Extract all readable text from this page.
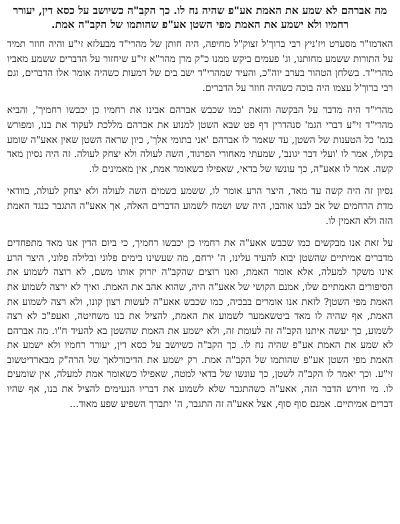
מה אברהם לא שמע את האמת אע"פ שהיה נח לו. כך הקב"ה כשיושב על כסא דין, יעורר רחמיו ולא ישמע את האמת מפי השטן אע"פ שהותמו של הקב"ה אמת.
האדמו"ר מסערט ויז'ניץ רבי ברוך'ל זצוק"ל מחיפה, היה חותן של מהרי"ד מבעלזא זי"ע והיה חוזר תמיד על התורות ששמע מחותנו, וג' פעמים ביקש ממנו כ"ק מרן מהר"א זי"ע שיחזור על הדברים ששמע מאביו מהרי"ד. בשלחן הטהור בערב יוה"כ, והעיד שמהרי"ד ישב בים של דמעות כשהיה אומר אלו הדברים, וגם רבי ברוך'ל עצמו היה בוכה כשהיה חוזר על הדברים.
מהרי"ד היה מדבר על הבקשה והזאת 'כמו שכבש אברהם אבינו את רחמיו כן יכבשו רחמיך', והביא מהרי"ד זי"ע דברי הגמ' סנהדרין דף פט שבא השטן למנוע את אברהם מללכת לעקוד את בנו, ומפורש בגמ' כל הטענות של השטן, עד שאמר לו אברהם 'אני בתומי אלך', כיון שראה השטן שאין אאע"ה שומע בקולו, אמר לו 'ועלי דבר יגונב', שמעתי מאחורי הפרגוד, השה לעולה ולא יצחק לעולה. זה היה נסיון מאד קשה. אמר לו אאע"ה, כך עונשו של בדאי, שאפילו כשאומר אמת, אין מאמינים לו.
נסיון זה היה קשה עד מאד, היצר הרע אומר לו, ששמע כשמים השה לעולה ולא יצחק לעולה, בוודאי מדת הרחמים של אב לבנו אוהבו, היה שש ושמח לשמוע הדברים האלה, אך אאע"ה התגבר כנגד האמת הזה ולא האמין לו.
על זאת אנו מבקשים כמו שכבש אאע"ה את רחמיו כן יכבשו רחמיך, כי ביום הדין אנו מאד מתפחדים מדברים אמיתיים שהשטן יבוא להעיד עלינו, ה' ירחם, מה שעשינו בימים פלוני ובלילה פלוני, היצר הרע אינו משקר למעלה, אלא אומר האמת, ואנו רוצים שהקב"ה יזרוק אותו משם, לא רוצה לשמוע את הסיפורים האמתיים שלו, אמנם הקושי של אאע"ה היה, שהוא אהב את האמת. ואיך לא ירצה לשמוע את האמת מפי השטן? לזאת אנו אומרים בבכיה, כמו שכבש אאע"ה לעשות רצון קונו, ולא רצה לשמוע את האמת, אף שהיה לו מאד ביטשאמער לשמוע את האמת, להציל את בנו משחיטה, ואעפ"כ לא רצה לשמוע, כך יעשה איתנו הקב"ה זה לעומת זה, ולא ישמע את האמת שהשטן בא להעיד ח"ו. מה אברהם לא שמע את האמת אע"פ שהיה נח לו. כך הקב"ה כשיושב על כסא דין, יעורר רחמיו ולא ישמע את האמת מפי השטן אע"פ שהותמו של הקב"ה אמת. רק ישמע את הדיבורלאך של הרה"ק מבארדיטשוב זי"ע. וכך יאמר לו הקב"ה לשטן, כך עונשו של בדאי למטה, שאפילו כשאומר אמת למעלה, אין שומעים לו. מי חידש הדבר הזה, אאע"ה כשהתגבר שלא לשמוע את דבריו הנעימים להציל את בנו, אף שהיו דברים אמיתיים. אמנם סוף סוף, אצל אאע"ה זה התגבר, ה' יתברך השפיע שפע מאוד...
